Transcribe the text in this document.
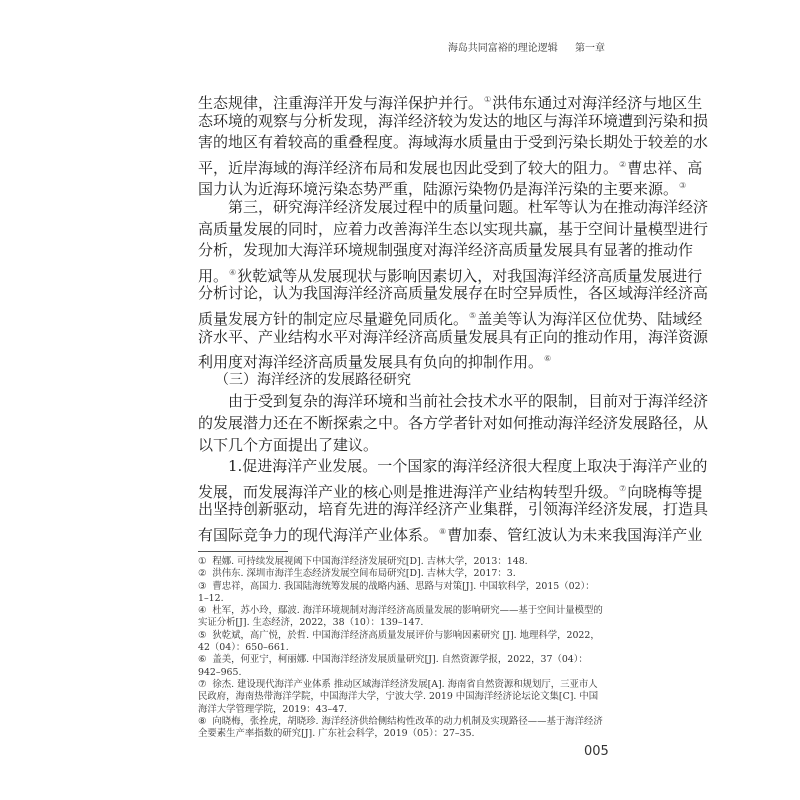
海岛共同富裕的理论逻辑 第一章
生态规律，注重海洋开发与海洋保护并行。①洪伟东通过对海洋经济与地区生
态环境的观察与分析发现，海洋经济较为发达的地区与海洋环境遭到污染和损
害的地区有着较高的重叠程度。海域海水质量由于受到污染长期处于较差的水
平，近岸海域的海洋经济布局和发展也因此受到了较大的阻力。②曹忠祥、高
国力认为近海环境污染态势严重，陆源污染物仍是海洋污染的主要来源。③
第三，研究海洋经济发展过程中的质量问题。杜军等认为在推动海洋经济
高质量发展的同时，应着力改善海洋生态以实现共赢，基于空间计量模型进行
分析，发现加大海洋环境规制强度对海洋经济高质量发展具有显著的推动作
用。④狄乾斌等从发展现状与影响因素切入，对我国海洋经济高质量发展进行
分析讨论，认为我国海洋经济高质量发展存在时空异质性，各区域海洋经济高
质量发展方针的制定应尽量避免同质化。⑤盖美等认为海洋区位优势、陆域经
济水平、产业结构水平对海洋经济高质量发展具有正向的推动作用，海洋资源
利用度对海洋经济高质量发展具有负向的抑制作用。⑥
（三）海洋经济的发展路径研究
由于受到复杂的海洋环境和当前社会技术水平的限制，目前对于海洋经济
的发展潜力还在不断探索之中。各方学者针对如何推动海洋经济发展路径，从
以下几个方面提出了建议。
1.促进海洋产业发展。一个国家的海洋经济很大程度上取决于海洋产业的
发展，而发展海洋产业的核心则是推进海洋产业结构转型升级。⑦向晓梅等提
出坚持创新驱动，培育先进的海洋经济产业集群，引领海洋经济发展，打造具
有国际竞争力的现代海洋产业体系。⑧曹加泰、管红波认为未来我国海洋产业

① 程娜. 可持续发展视阈下中国海洋经济发展研究[D]. 吉林大学，2013：148.

② 洪伟东. 深圳市海洋生态经济发展空间布局研究[D]. 吉林大学，2017：3.

③ 曹忠祥，高国力. 我国陆海统筹发展的战略内涵、思路与对策[J]. 中国软科学，2015（02）：1–12.

④ 杜军，苏小玲，鄢波. 海洋环境规制对海洋经济高质量发展的影响研究——基于空间计量模型的实证分析[J]. 生态经济，2022，38（10）：139–147.

⑤ 狄乾斌，高广悦，於哲. 中国海洋经济高质量发展评价与影响因素研究 [J]. 地理科学，2022，42（04）：650–661.

⑥ 盖美，何亚宁，柯丽娜. 中国海洋经济发展质量研究[J]. 自然资源学报，2022，37（04）：942–965.

⑦ 徐杰. 建设现代海洋产业体系 推动区域海洋经济发展[A]. 海南省自然资源和规划厅，三亚市人民政府，海南热带海洋学院，中国海洋大学，宁波大学. 2019 中国海洋经济论坛论文集[C]. 中国海洋大学管理学院，2019：43–47.

⑧ 向晓梅，张拴虎，胡晓珍. 海洋经济供给侧结构性改革的动力机制及实现路径——基于海洋经济全要素生产率指数的研究[J]. 广东社会科学，2019（05）：27–35.

005
